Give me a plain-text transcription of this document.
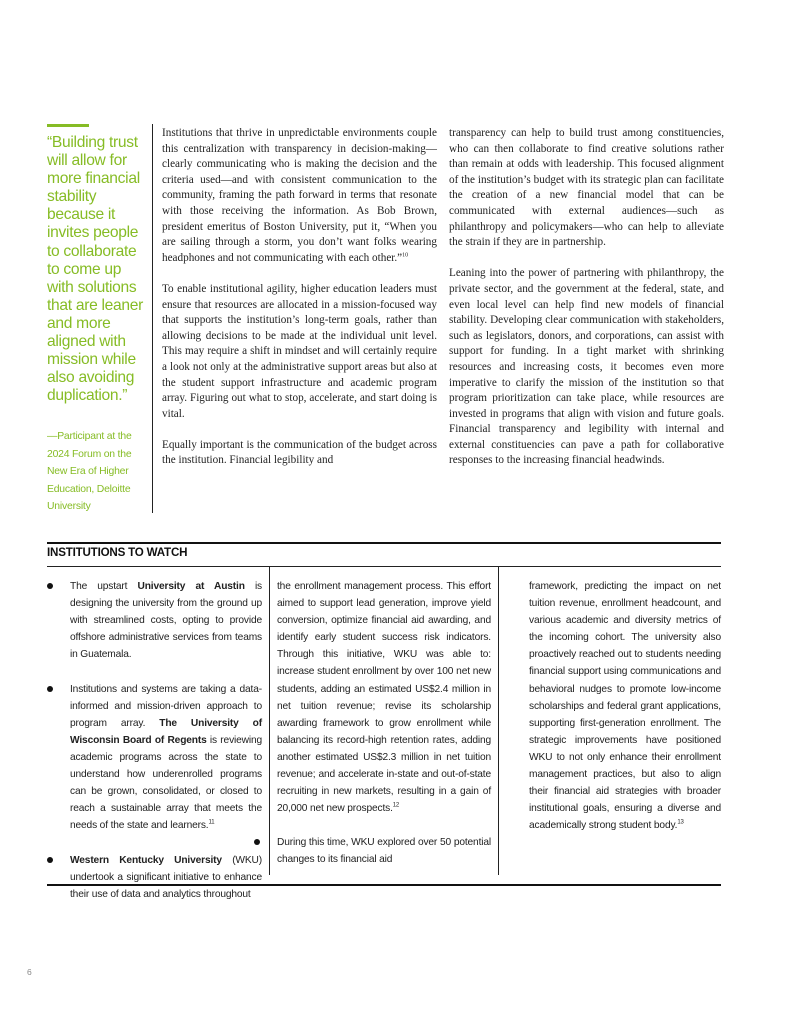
“Building trust will allow for more financial stability because it invites people to collaborate to come up with solutions that are leaner and more aligned with mission while also avoiding duplication.”
—Participant at the 2024 Forum on the New Era of Higher Education, Deloitte University

Institutions that thrive in unpredictable environments couple this centralization with transparency in decision-making—clearly communicating who is making the decision and the criteria used—and with consistent communication to the community, framing the path forward in terms that resonate with those receiving the information. As Bob Brown, president emeritus of Boston University, put it, “When you are sailing through a storm, you don’t want folks wearing headphones and not communicating with each other.”$^{10}$

To enable institutional agility, higher education leaders must ensure that resources are allocated in a mission-focused way that supports the institution’s long-term goals, rather than allowing decisions to be made at the individual unit level. This may require a shift in mindset and will certainly require a look not only at the administrative support areas but also at the student support infrastructure and academic program array. Figuring out what to stop, accelerate, and start doing is vital.

Equally important is the communication of the budget across the institution. Financial legibility and

transparency can help to build trust among constituencies, who can then collaborate to find creative solutions rather than remain at odds with leadership. This focused alignment of the institution’s budget with its strategic plan can facilitate the creation of a new financial model that can be communicated with external audiences—such as philanthropy and policymakers—who can help to alleviate the strain if they are in partnership.

Leaning into the power of partnering with philanthropy, the private sector, and the government at the federal, state, and even local level can help find new models of financial stability. Developing clear communication with stakeholders, such as legislators, donors, and corporations, can assist with support for funding. In a tight market with shrinking resources and increasing costs, it becomes even more imperative to clarify the mission of the institution so that program prioritization can take place, while resources are invested in programs that align with vision and future goals. Financial transparency and legibility with internal and external constituencies can pave a path for collaborative responses to the increasing financial headwinds.

INSTITUTIONS TO WATCH

The upstart University at Austin is designing the university from the ground up with streamlined costs, opting to provide offshore administrative services from teams in Guatemala.

Institutions and systems are taking a data-informed and mission-driven approach to program array. The University of Wisconsin Board of Regents is reviewing academic programs across the state to understand how underenrolled programs can be grown, consolidated, or closed to reach a sustainable array that meets the needs of the state and learners.$^{11}$

Western Kentucky University (WKU) undertook a significant initiative to enhance their use of data and analytics throughout

the enrollment management process. This effort aimed to support lead generation, improve yield conversion, optimize financial aid awarding, and identify early student success risk indicators. Through this initiative, WKU was able to: increase student enrollment by over 100 net new students, adding an estimated US$2.4 million in net tuition revenue; revise its scholarship awarding framework to grow enrollment while balancing its record-high retention rates, adding another estimated US$2.3 million in net tuition revenue; and accelerate in-state and out-of-state recruiting in new markets, resulting in a gain of 20,000 net new prospects.$^{12}$

During this time, WKU explored over 50 potential changes to its financial aid

framework, predicting the impact on net tuition revenue, enrollment headcount, and various academic and diversity metrics of the incoming cohort. The university also proactively reached out to students needing financial support using communications and behavioral nudges to promote low-income scholarships and federal grant applications, supporting first-generation enrollment. The strategic improvements have positioned WKU to not only enhance their enrollment management practices, but also to align their financial aid strategies with broader institutional goals, ensuring a diverse and academically strong student body.$^{13}$

6
